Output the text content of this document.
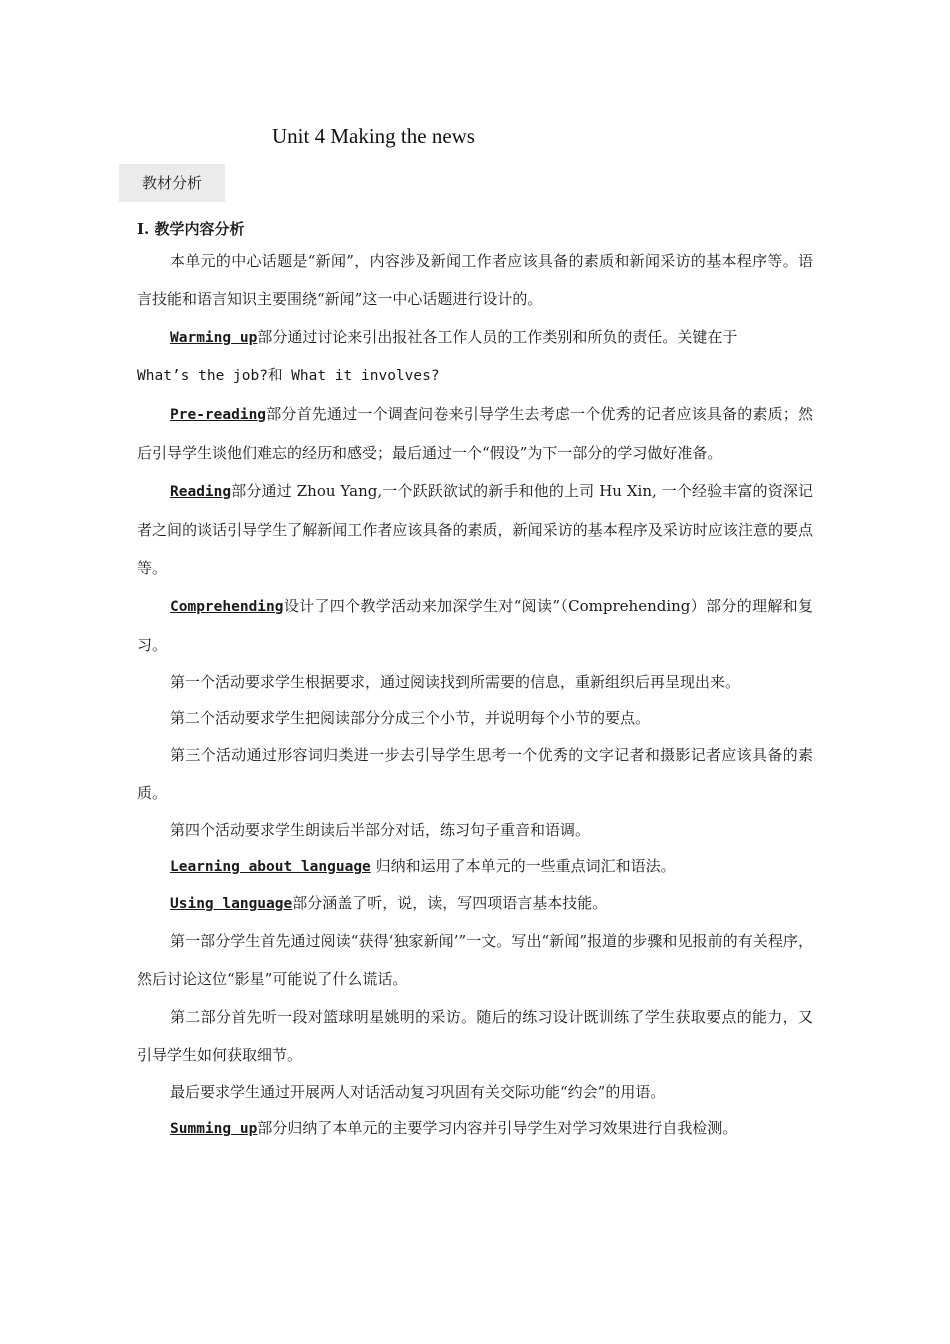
Unit 4 Making the news
教材分析
I. 教学内容分析

本单元的中心话题是“新闻”，内容涉及新闻工作者应该具备的素质和新闻采访的基本程序等。语言技能和语言知识主要围绕“新闻”这一中心话题进行设计的。

Warming up部分通过讨论来引出报社各工作人员的工作类别和所负的责任。关键在于

What’s the job?和 What it involves?

Pre-reading部分首先通过一个调查问卷来引导学生去考虑一个优秀的记者应该具备的素质；然后引导学生谈他们难忘的经历和感受；最后通过一个“假设”为下一部分的学习做好准备。

Reading部分通过 Zhou Yang,一个跃跃欲试的新手和他的上司 Hu Xin, 一个经验丰富的资深记者之间的谈话引导学生了解新闻工作者应该具备的素质，新闻采访的基本程序及采访时应该注意的要点等。

Comprehending设计了四个教学活动来加深学生对“阅读”（Comprehending）部分的理解和复习。

第一个活动要求学生根据要求，通过阅读找到所需要的信息，重新组织后再呈现出来。

第二个活动要求学生把阅读部分分成三个小节，并说明每个小节的要点。

第三个活动通过形容词归类进一步去引导学生思考一个优秀的文字记者和摄影记者应该具备的素质。

第四个活动要求学生朗读后半部分对话，练习句子重音和语调。

Learning about language 归纳和运用了本单元的一些重点词汇和语法。

Using language部分涵盖了听，说，读，写四项语言基本技能。

第一部分学生首先通过阅读“获得‘独家新闻’”一文。写出“新闻”报道的步骤和见报前的有关程序，然后讨论这位“影星”可能说了什么谎话。

第二部分首先听一段对篮球明星姚明的采访。随后的练习设计既训练了学生获取要点的能力，又引导学生如何获取细节。

最后要求学生通过开展两人对话活动复习巩固有关交际功能“约会”的用语。

Summing up部分归纳了本单元的主要学习内容并引导学生对学习效果进行自我检测。
